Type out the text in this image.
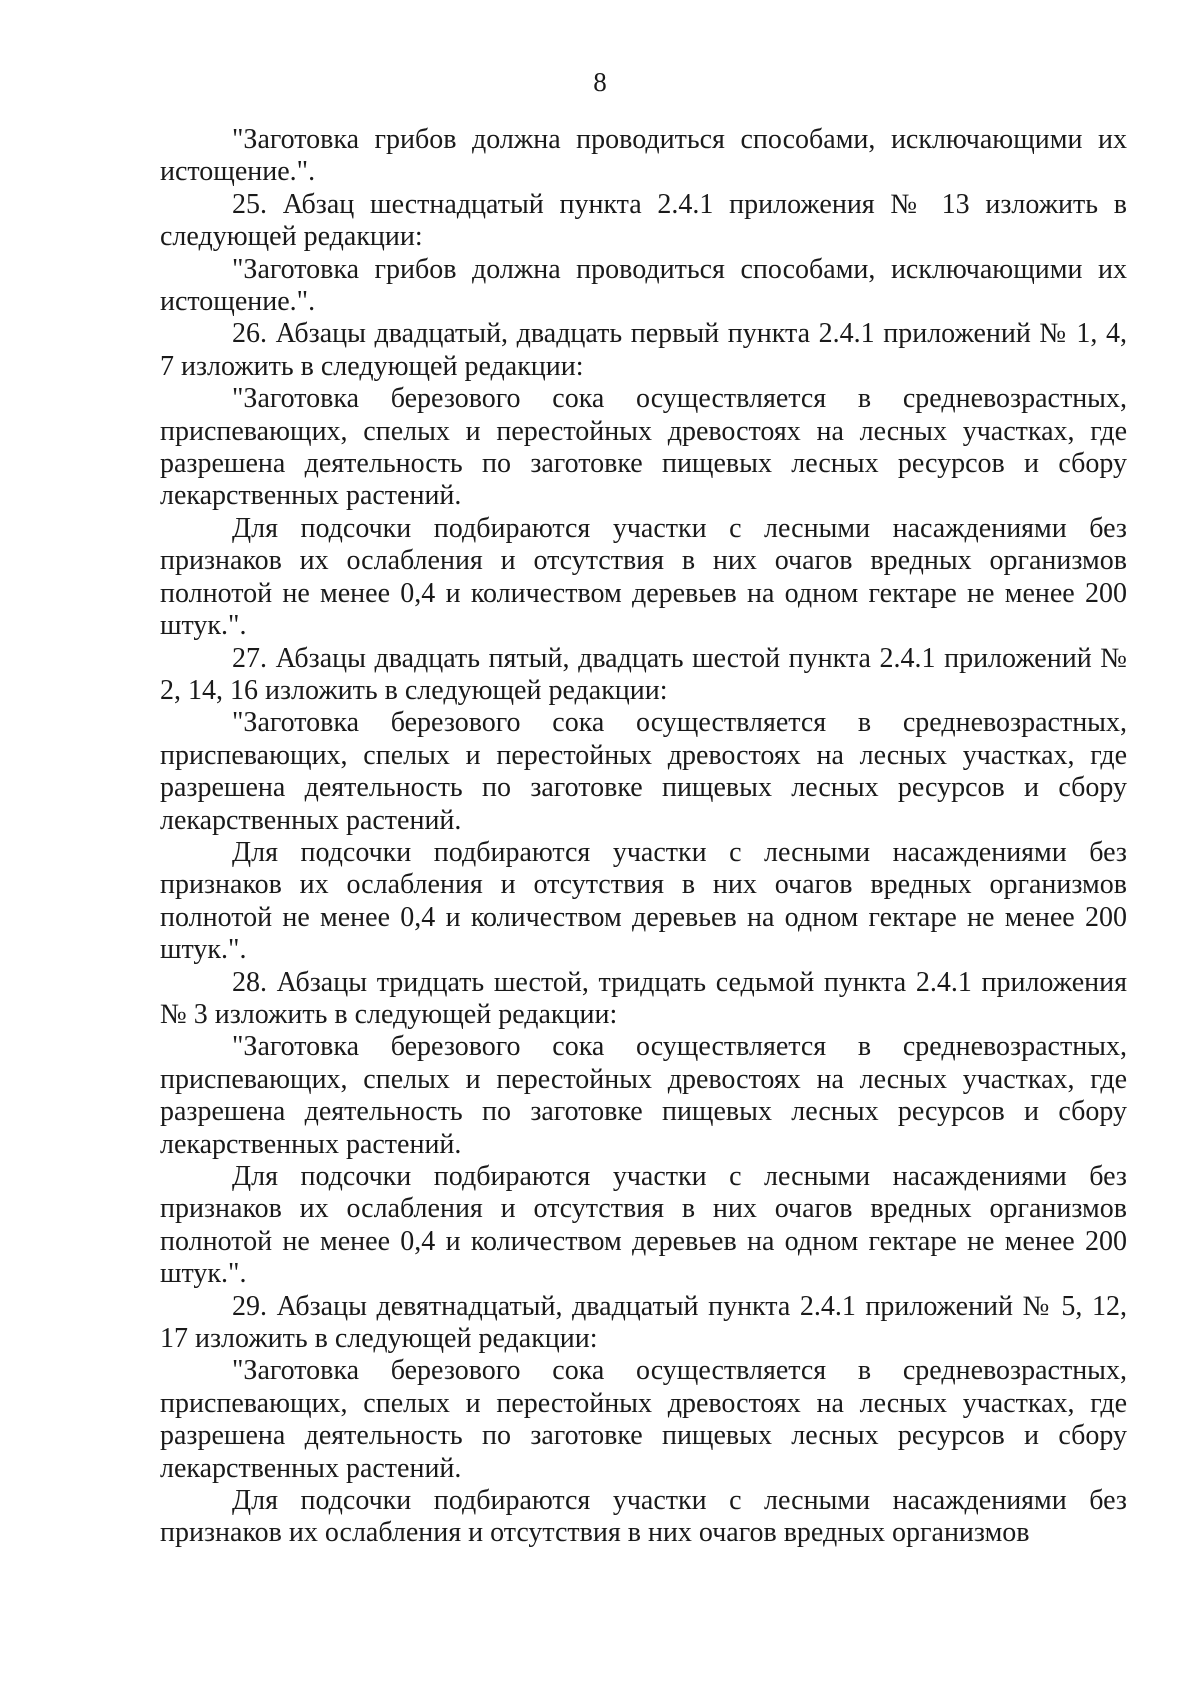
8

"Заготовка грибов должна проводиться способами, исключающими их истощение.".

25. Абзац шестнадцатый пункта 2.4.1 приложения № 13 изложить в следующей редакции:

"Заготовка грибов должна проводиться способами, исключающими их истощение.".

26. Абзацы двадцатый, двадцать первый пункта 2.4.1 приложений № 1, 4, 7 изложить в следующей редакции:

"Заготовка березового сока осуществляется в средневозрастных, приспевающих, спелых и перестойных древостоях на лесных участках, где разрешена деятельность по заготовке пищевых лесных ресурсов и сбору лекарственных растений.

Для подсочки подбираются участки с лесными насаждениями без признаков их ослабления и отсутствия в них очагов вредных организмов полнотой не менее 0,4 и количеством деревьев на одном гектаре не менее 200 штук.".

27. Абзацы двадцать пятый, двадцать шестой пункта 2.4.1 приложений № 2, 14, 16 изложить в следующей редакции:

"Заготовка березового сока осуществляется в средневозрастных, приспевающих, спелых и перестойных древостоях на лесных участках, где разрешена деятельность по заготовке пищевых лесных ресурсов и сбору лекарственных растений.

Для подсочки подбираются участки с лесными насаждениями без признаков их ослабления и отсутствия в них очагов вредных организмов полнотой не менее 0,4 и количеством деревьев на одном гектаре не менее 200 штук.".

28. Абзацы тридцать шестой, тридцать седьмой пункта 2.4.1 приложения № 3 изложить в следующей редакции:

"Заготовка березового сока осуществляется в средневозрастных, приспевающих, спелых и перестойных древостоях на лесных участках, где разрешена деятельность по заготовке пищевых лесных ресурсов и сбору лекарственных растений.

Для подсочки подбираются участки с лесными насаждениями без признаков их ослабления и отсутствия в них очагов вредных организмов полнотой не менее 0,4 и количеством деревьев на одном гектаре не менее 200 штук.".

29. Абзацы девятнадцатый, двадцатый пункта 2.4.1 приложений № 5, 12, 17 изложить в следующей редакции:

"Заготовка березового сока осуществляется в средневозрастных, приспевающих, спелых и перестойных древостоях на лесных участках, где разрешена деятельность по заготовке пищевых лесных ресурсов и сбору лекарственных растений.

Для подсочки подбираются участки с лесными насаждениями без признаков их ослабления и отсутствия в них очагов вредных организмов
